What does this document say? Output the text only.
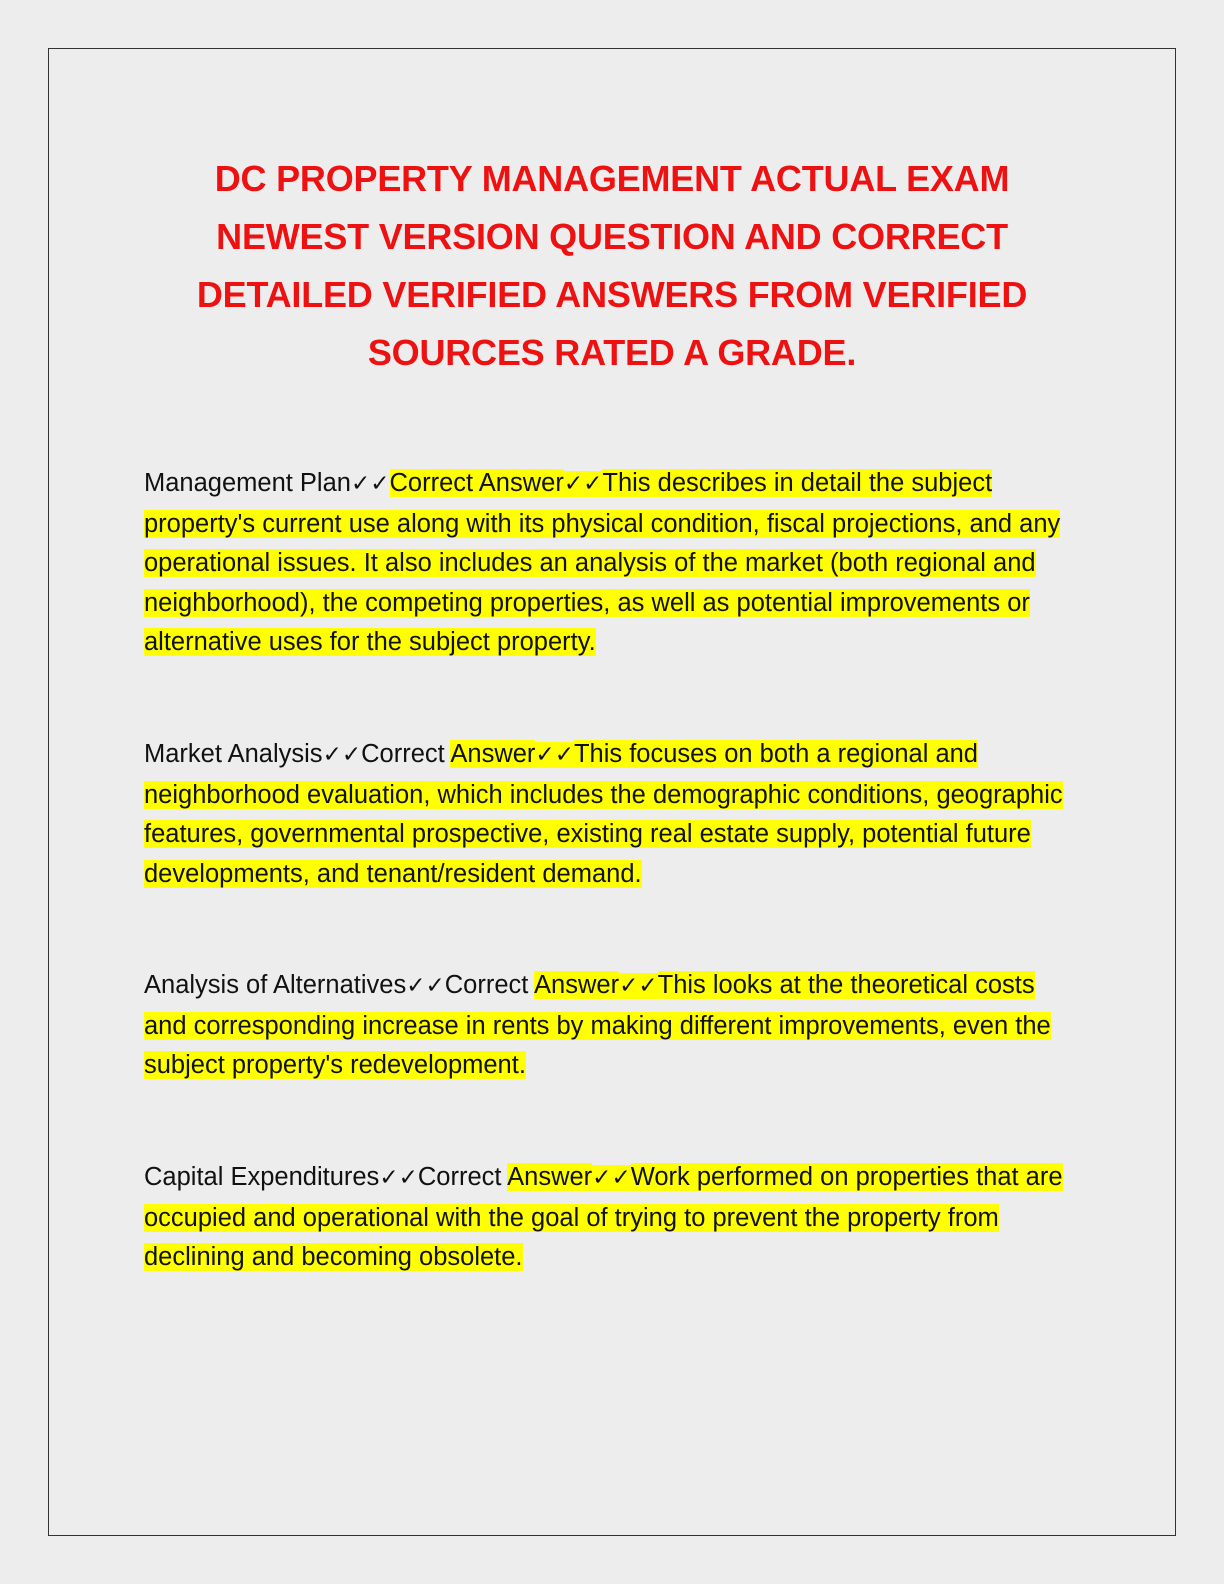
DC PROPERTY MANAGEMENT ACTUAL EXAM NEWEST VERSION QUESTION AND CORRECT DETAILED VERIFIED ANSWERS FROM VERIFIED SOURCES RATED A GRADE.

Management Plan✓✓Correct Answer✓✓This describes in detail the subject property's current use along with its physical condition, fiscal projections, and any operational issues. It also includes an analysis of the market (both regional and neighborhood), the competing properties, as well as potential improvements or alternative uses for the subject property.

Market Analysis✓✓Correct Answer✓✓This focuses on both a regional and neighborhood evaluation, which includes the demographic conditions, geographic features, governmental prospective, existing real estate supply, potential future developments, and tenant/resident demand.

Analysis of Alternatives✓✓Correct Answer✓✓This looks at the theoretical costs and corresponding increase in rents by making different improvements, even the subject property's redevelopment.

Capital Expenditures✓✓Correct Answer✓✓Work performed on properties that are occupied and operational with the goal of trying to prevent the property from declining and becoming obsolete.
